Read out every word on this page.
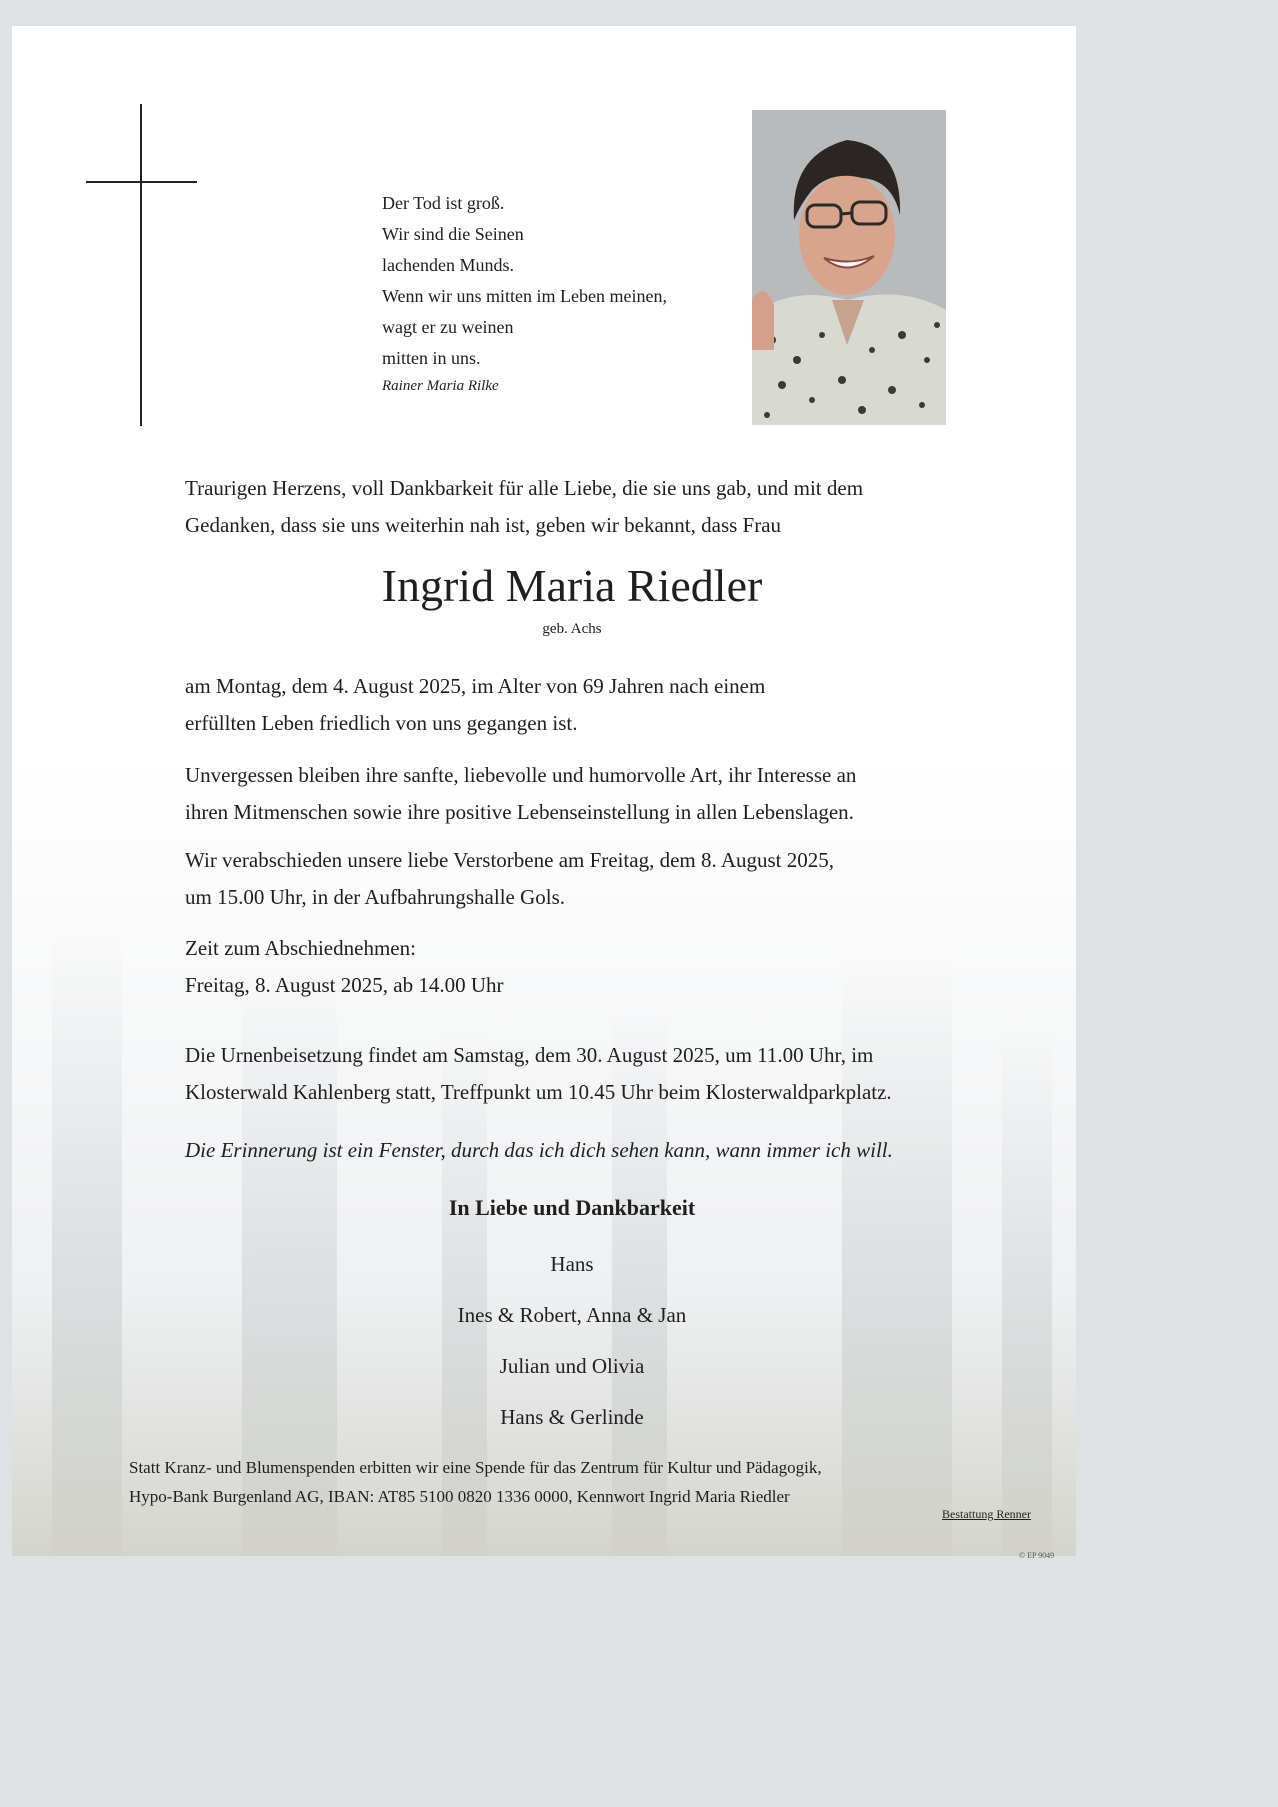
Der Tod ist groß.
Wir sind die Seinen
lachenden Munds.
Wenn wir uns mitten im Leben meinen,
wagt er zu weinen
mitten in uns.
Rainer Maria Rilke
Traurigen Herzens, voll Dankbarkeit für alle Liebe, die sie uns gab, und mit dem
Gedanken, dass sie uns weiterhin nah ist, geben wir bekannt, dass Frau
Ingrid Maria Riedler
geb. Achs
am Montag, dem 4. August 2025, im Alter von 69 Jahren nach einem
erfüllten Leben friedlich von uns gegangen ist.
Unvergessen bleiben ihre sanfte, liebevolle und humorvolle Art, ihr Interesse an
ihren Mitmenschen sowie ihre positive Lebenseinstellung in allen Lebenslagen.
Wir verabschieden unsere liebe Verstorbene am Freitag, dem 8. August 2025,
um 15.00 Uhr, in der Aufbahrungshalle Gols.
Zeit zum Abschiednehmen:
Freitag, 8. August 2025, ab 14.00 Uhr
Die Urnenbeisetzung findet am Samstag, dem 30. August 2025, um 11.00 Uhr, im
Klosterwald Kahlenberg statt, Treffpunkt um 10.45 Uhr beim Klosterwaldparkplatz.
Die Erinnerung ist ein Fenster, durch das ich dich sehen kann, wann immer ich will.
In Liebe und Dankbarkeit
Hans
Ines & Robert, Anna & Jan
Julian und Olivia
Hans & Gerlinde
Statt Kranz- und Blumenspenden erbitten wir eine Spende für das Zentrum für Kultur und Pädagogik,
Hypo-Bank Burgenland AG, IBAN: AT85 5100 0820 1336 0000, Kennwort Ingrid Maria Riedler
Bestattung Renner
© EP 9049
